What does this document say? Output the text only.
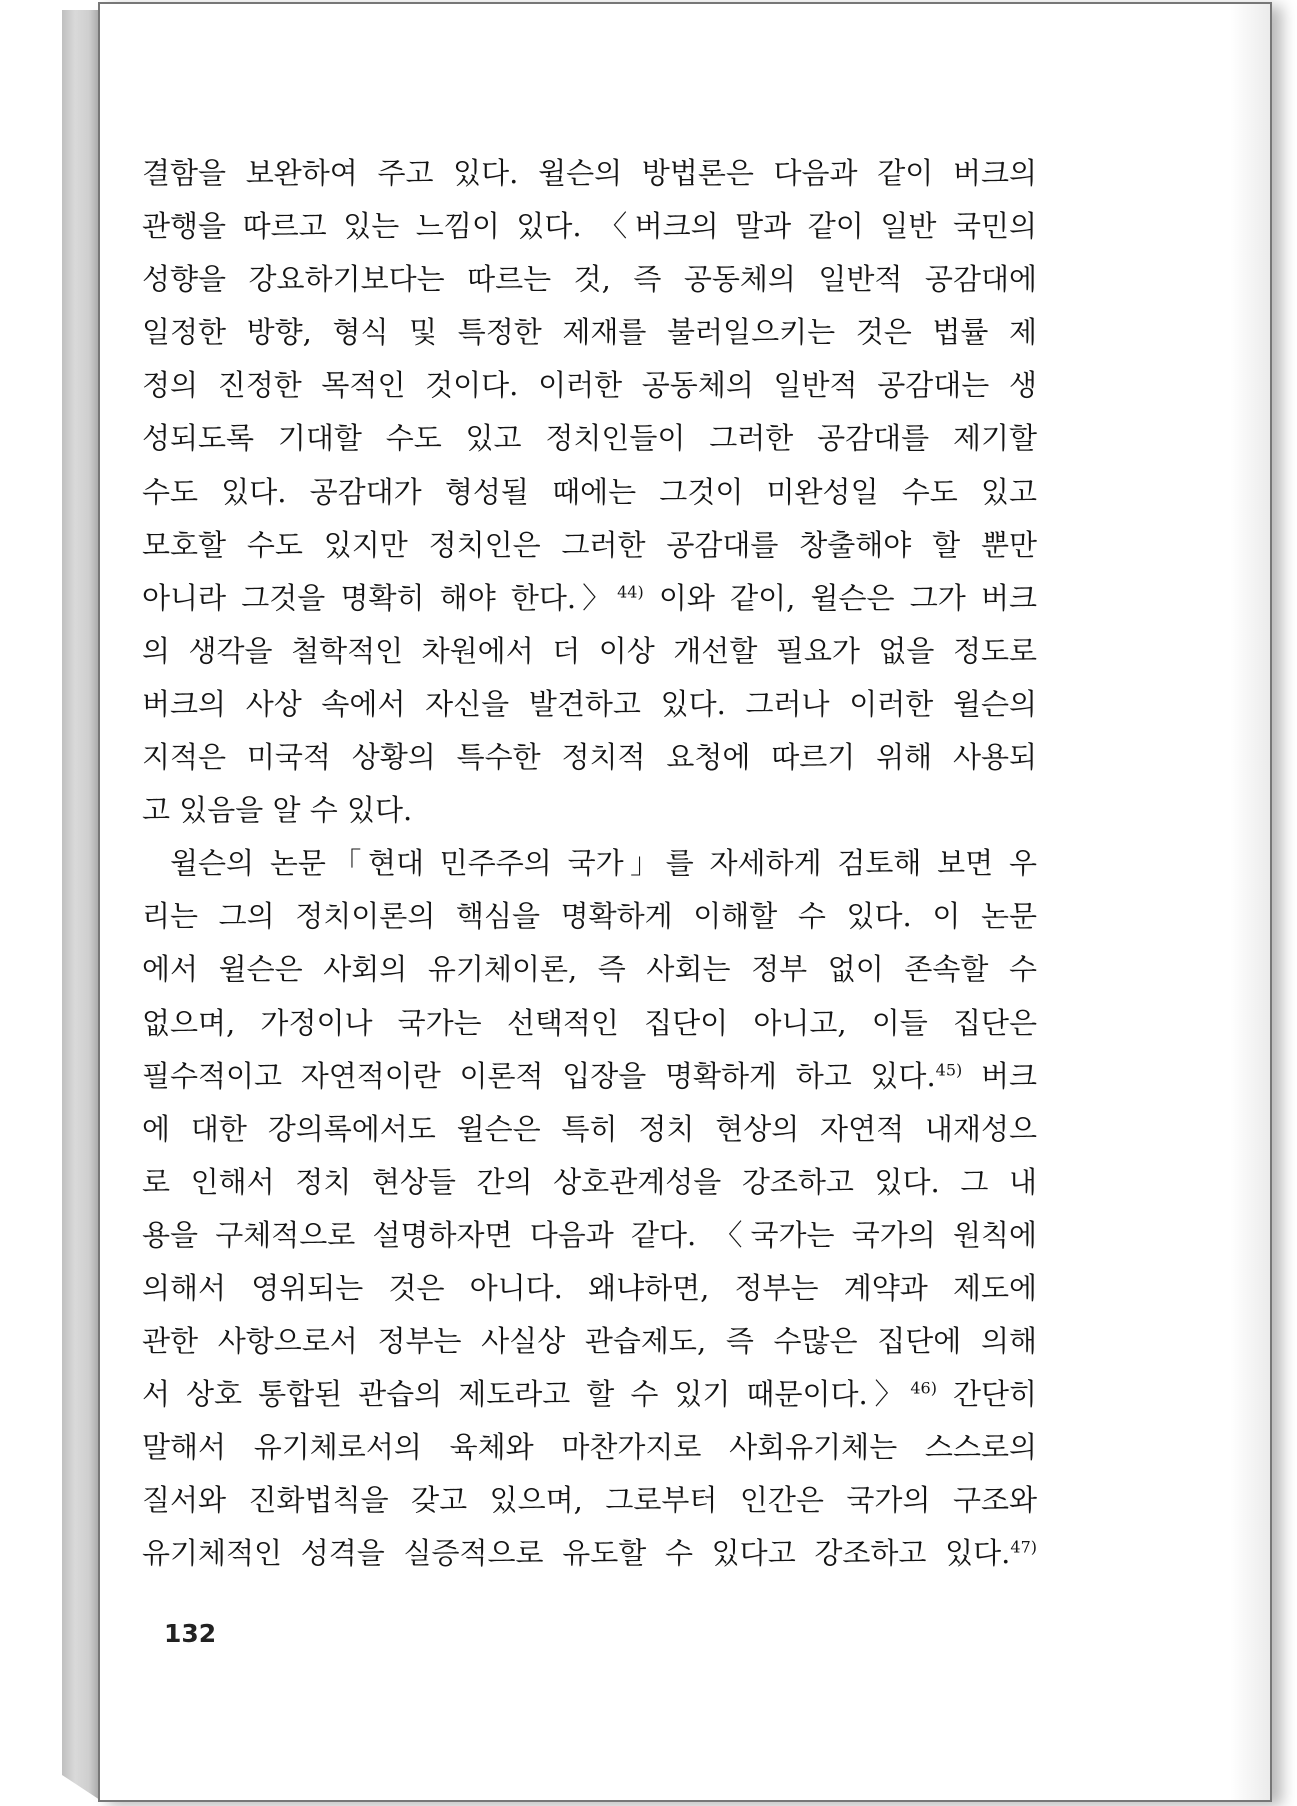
결함을 보완하여 주고 있다. 윌슨의 방법론은 다음과 같이 버크의
관행을 따르고 있는 느낌이 있다. 〈버크의 말과 같이 일반 국민의
성향을 강요하기보다는 따르는 것, 즉 공동체의 일반적 공감대에
일정한 방향, 형식 및 특정한 제재를 불러일으키는 것은 법률 제
정의 진정한 목적인 것이다. 이러한 공동체의 일반적 공감대는 생
성되도록 기대할 수도 있고 정치인들이 그러한 공감대를 제기할
수도 있다. 공감대가 형성될 때에는 그것이 미완성일 수도 있고
모호할 수도 있지만 정치인은 그러한 공감대를 창출해야 할 뿐만
아니라 그것을 명확히 해야 한다.〉$^{44)}$ 이와 같이, 윌슨은 그가 버크
의 생각을 철학적인 차원에서 더 이상 개선할 필요가 없을 정도로
버크의 사상 속에서 자신을 발견하고 있다. 그러나 이러한 윌슨의
지적은 미국적 상황의 특수한 정치적 요청에 따르기 위해 사용되
고 있음을 알 수 있다.
윌슨의 논문「현대 민주주의 국가」를 자세하게 검토해 보면 우
리는 그의 정치이론의 핵심을 명확하게 이해할 수 있다. 이 논문
에서 윌슨은 사회의 유기체이론, 즉 사회는 정부 없이 존속할 수
없으며, 가정이나 국가는 선택적인 집단이 아니고, 이들 집단은
필수적이고 자연적이란 이론적 입장을 명확하게 하고 있다.$^{45)}$ 버크
에 대한 강의록에서도 윌슨은 특히 정치 현상의 자연적 내재성으
로 인해서 정치 현상들 간의 상호관계성을 강조하고 있다. 그 내
용을 구체적으로 설명하자면 다음과 같다. 〈국가는 국가의 원칙에
의해서 영위되는 것은 아니다. 왜냐하면, 정부는 계약과 제도에
관한 사항으로서 정부는 사실상 관습제도, 즉 수많은 집단에 의해
서 상호 통합된 관습의 제도라고 할 수 있기 때문이다.〉$^{46)}$ 간단히
말해서 유기체로서의 육체와 마찬가지로 사회유기체는 스스로의
질서와 진화법칙을 갖고 있으며, 그로부터 인간은 국가의 구조와
유기체적인 성격을 실증적으로 유도할 수 있다고 강조하고 있다.$^{47)}$
132
